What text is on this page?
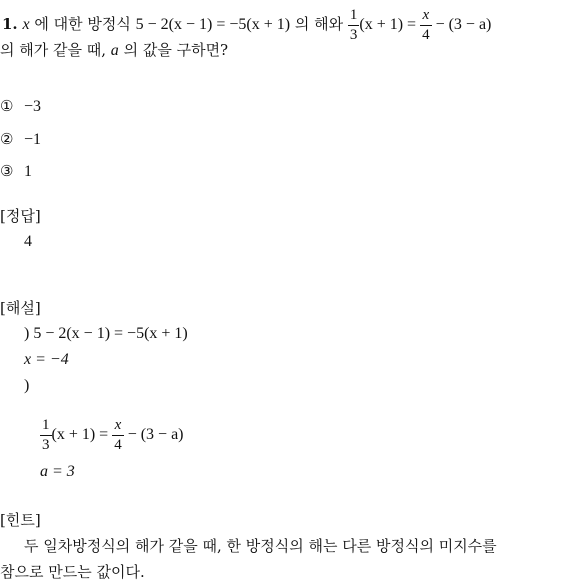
1. x 에 대한 방정식 5 − 2(x − 1) = −5(x + 1) 의 해와 $\frac{1}{3} (x + 1) = \frac{x}{4} - (3 - a)$
의 해가 같을 때, a 의 값을 구하면?
① −3
② −1
③ 1
[정답]
4
[해설]
) 5 − 2(x − 1) = −5(x + 1)
x = −4
)
$\frac{1}{3} (x + 1) = \frac{x}{4} - (3 - a)$
a = 3
[힌트]
두 일차방정식의 해가 같을 때, 한 방정식의 해는 다른 방정식의 미지수를
참으로 만드는 값이다.
